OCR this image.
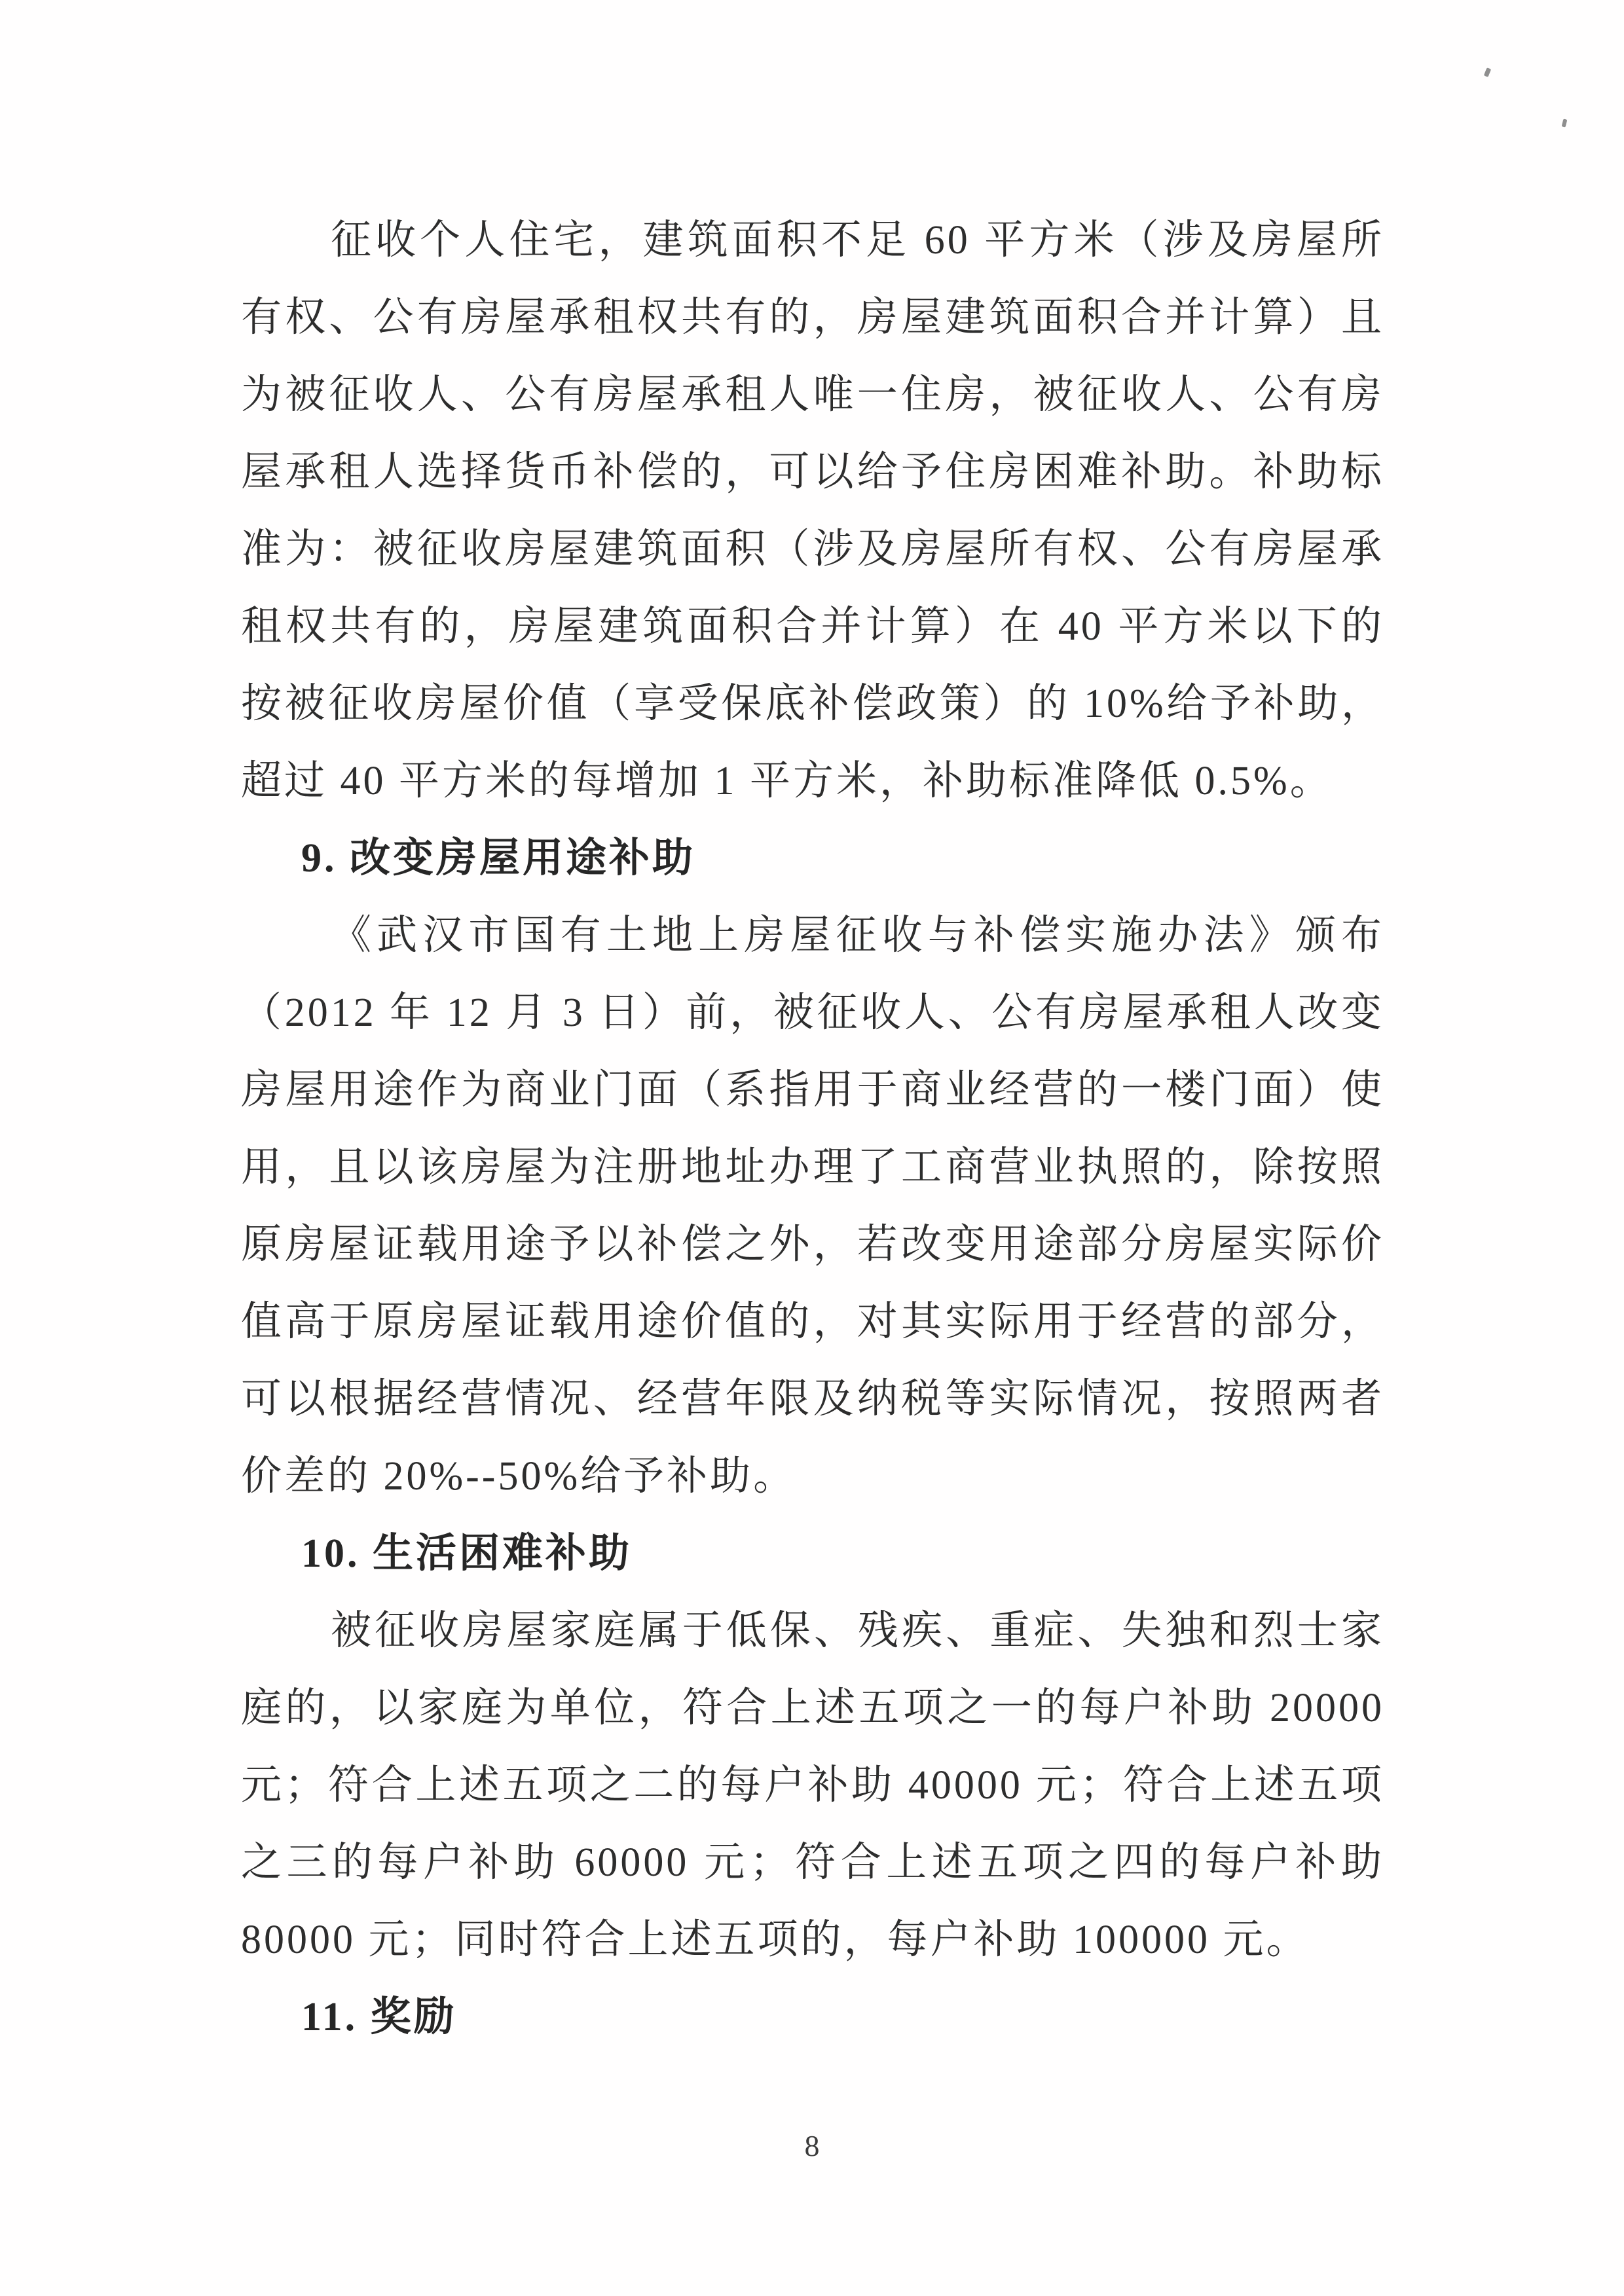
征收个人住宅，建筑面积不足 60 平方米（涉及房屋所
有权、公有房屋承租权共有的，房屋建筑面积合并计算）且
为被征收人、公有房屋承租人唯一住房，被征收人、公有房
屋承租人选择货币补偿的，可以给予住房困难补助。补助标
准为：被征收房屋建筑面积（涉及房屋所有权、公有房屋承
租权共有的，房屋建筑面积合并计算）在 40 平方米以下的
按被征收房屋价值（享受保底补偿政策）的 10%给予补助，
超过 40 平方米的每增加 1 平方米，补助标准降低 0.5%。
9. 改变房屋用途补助
《武汉市国有土地上房屋征收与补偿实施办法》颁布
（2012 年 12 月 3 日）前，被征收人、公有房屋承租人改变
房屋用途作为商业门面（系指用于商业经营的一楼门面）使
用，且以该房屋为注册地址办理了工商营业执照的，除按照
原房屋证载用途予以补偿之外，若改变用途部分房屋实际价
值高于原房屋证载用途价值的，对其实际用于经营的部分，
可以根据经营情况、经营年限及纳税等实际情况，按照两者
价差的 20%--50%给予补助。
10. 生活困难补助
被征收房屋家庭属于低保、残疾、重症、失独和烈士家
庭的，以家庭为单位，符合上述五项之一的每户补助 20000
元；符合上述五项之二的每户补助 40000 元；符合上述五项
之三的每户补助 60000 元；符合上述五项之四的每户补助
80000 元；同时符合上述五项的，每户补助 100000 元。
11. 奖励
8
